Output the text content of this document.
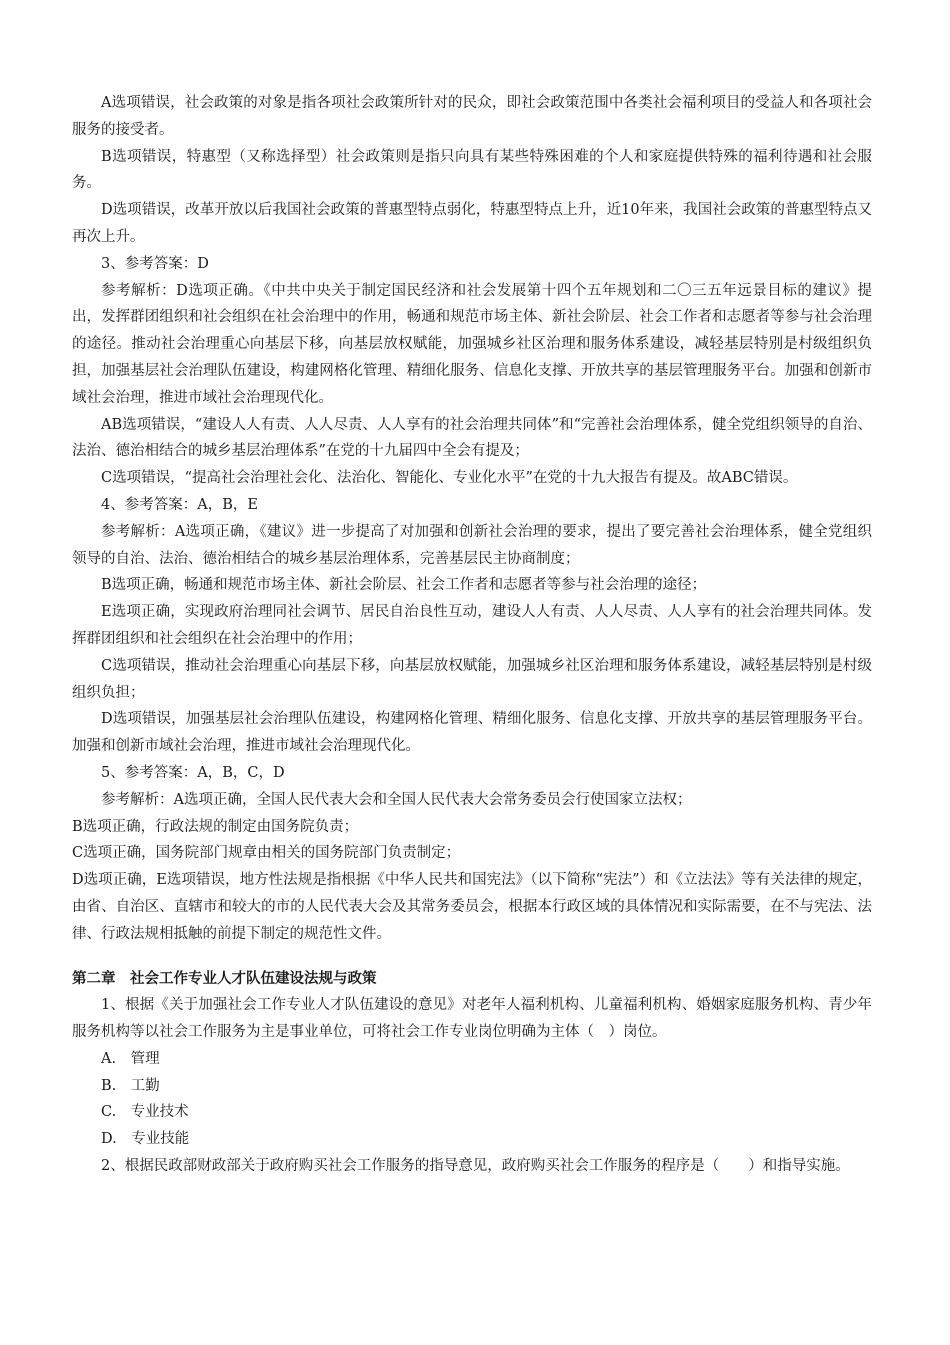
A选项错误，社会政策的对象是指各项社会政策所针对的民众，即社会政策范围中各类社会福利项目的受益人和各项社会服务的接受者。

B选项错误，特惠型（又称选择型）社会政策则是指只向具有某些特殊困难的个人和家庭提供特殊的福利待遇和社会服务。

D选项错误，改革开放以后我国社会政策的普惠型特点弱化，特惠型特点上升，近10年来，我国社会政策的普惠型特点又再次上升。

3、参考答案：D

参考解析：D选项正确。《中共中央关于制定国民经济和社会发展第十四个五年规划和二〇三五年远景目标的建议》提出，发挥群团组织和社会组织在社会治理中的作用，畅通和规范市场主体、新社会阶层、社会工作者和志愿者等参与社会治理的途径。推动社会治理重心向基层下移，向基层放权赋能，加强城乡社区治理和服务体系建设，减轻基层特别是村级组织负担，加强基层社会治理队伍建设，构建网格化管理、精细化服务、信息化支撑、开放共享的基层管理服务平台。加强和创新市域社会治理，推进市域社会治理现代化。

AB选项错误，“建设人人有责、人人尽责、人人享有的社会治理共同体”和“完善社会治理体系，健全党组织领导的自治、法治、德治相结合的城乡基层治理体系”在党的十九届四中全会有提及；

C选项错误，“提高社会治理社会化、法治化、智能化、专业化水平”在党的十九大报告有提及。故ABC错误。

4、参考答案：A，B，E

参考解析：A选项正确，《建议》进一步提高了对加强和创新社会治理的要求，提出了要完善社会治理体系，健全党组织领导的自治、法治、德治相结合的城乡基层治理体系，完善基层民主协商制度；

B选项正确，畅通和规范市场主体、新社会阶层、社会工作者和志愿者等参与社会治理的途径；

E选项正确，实现政府治理同社会调节、居民自治良性互动，建设人人有责、人人尽责、人人享有的社会治理共同体。发挥群团组织和社会组织在社会治理中的作用；

C选项错误，推动社会治理重心向基层下移，向基层放权赋能，加强城乡社区治理和服务体系建设，减轻基层特别是村级组织负担；

D选项错误，加强基层社会治理队伍建设，构建网格化管理、精细化服务、信息化支撑、开放共享的基层管理服务平台。加强和创新市域社会治理，推进市域社会治理现代化。

5、参考答案：A，B，C，D

参考解析：A选项正确，全国人民代表大会和全国人民代表大会常务委员会行使国家立法权；

B选项正确，行政法规的制定由国务院负责；

C选项正确，国务院部门规章由相关的国务院部门负责制定；

D选项正确，E选项错误，地方性法规是指根据《中华人民共和国宪法》（以下简称“宪法”）和《立法法》等有关法律的规定，由省、自治区、直辖市和较大的市的人民代表大会及其常务委员会，根据本行政区域的具体情况和实际需要，在不与宪法、法律、行政法规相抵触的前提下制定的规范性文件。

第二章　社会工作专业人才队伍建设法规与政策

1、根据《关于加强社会工作专业人才队伍建设的意见》对老年人福利机构、儿童福利机构、婚姻家庭服务机构、青少年服务机构等以社会工作服务为主是事业单位，可将社会工作专业岗位明确为主体（　）岗位。

A.　管理

B.　工勤

C.　专业技术

D.　专业技能

2、根据民政部财政部关于政府购买社会工作服务的指导意见，政府购买社会工作服务的程序是（　　）和指导实施。
